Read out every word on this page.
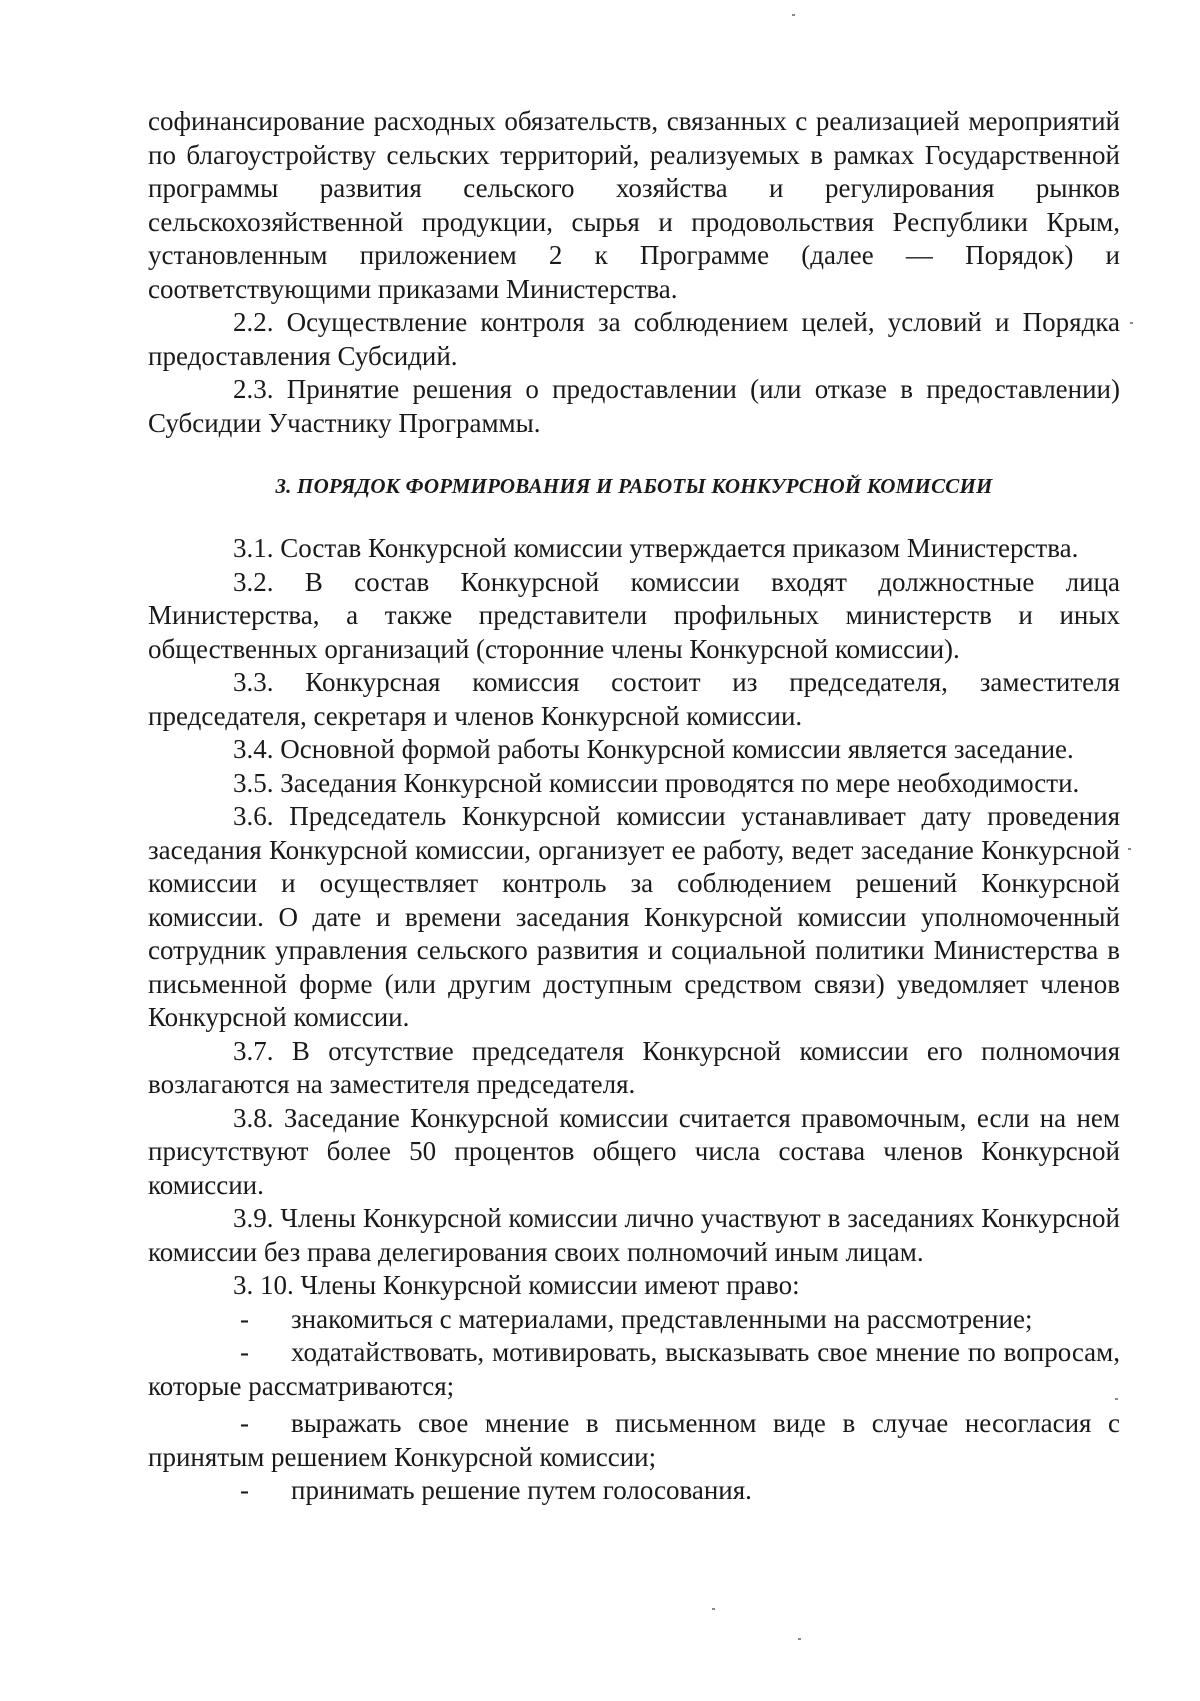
софинансирование расходных обязательств, связанных с реализацией мероприятий по благоустройству сельских территорий, реализуемых в рамках Государственной программы развития сельского хозяйства и регулирования рынков сельскохозяйственной продукции, сырья и продовольствия Республики Крым, установленным приложением 2 к Программе (далее — Порядок) и соответствующими приказами Министерства.

2.2. Осуществление контроля за соблюдением целей, условий и Порядка предоставления Субсидий.

2.3. Принятие решения о предоставлении (или отказе в предоставлении) Субсидии Участнику Программы.

3. ПОРЯДОК ФОРМИРОВАНИЯ И РАБОТЫ КОНКУРСНОЙ КОМИССИИ

3.1. Состав Конкурсной комиссии утверждается приказом Министерства.

3.2. В состав Конкурсной комиссии входят должностные лица Министерства, а также представители профильных министерств и иных общественных организаций (сторонние члены Конкурсной комиссии).

3.3. Конкурсная комиссия состоит из председателя, заместителя председателя, секретаря и членов Конкурсной комиссии.

3.4. Основной формой работы Конкурсной комиссии является заседание.

3.5. Заседания Конкурсной комиссии проводятся по мере необходимости.

3.6. Председатель Конкурсной комиссии устанавливает дату проведения заседания Конкурсной комиссии, организует ее работу, ведет заседание Конкурсной комиссии и осуществляет контроль за соблюдением решений Конкурсной комиссии. О дате и времени заседания Конкурсной комиссии уполномоченный сотрудник управления сельского развития и социальной политики Министерства в письменной форме (или другим доступным средством связи) уведомляет членов Конкурсной комиссии.

3.7. В отсутствие председателя Конкурсной комиссии его полномочия возлагаются на заместителя председателя.

3.8. Заседание Конкурсной комиссии считается правомочным, если на нем присутствуют более 50 процентов общего числа состава членов Конкурсной комиссии.

3.9. Члены Конкурсной комиссии лично участвуют в заседаниях Конкурсной комиссии без права делегирования своих полномочий иным лицам.

3. 10. Члены Конкурсной комиссии имеют право:

- знакомиться с материалами, представленными на рассмотрение;
- ходатайствовать, мотивировать, высказывать свое мнение по вопросам, которые рассматриваются;
- выражать свое мнение в письменном виде в случае несогласия с принятым решением Конкурсной комиссии;
- принимать решение путем голосования.
